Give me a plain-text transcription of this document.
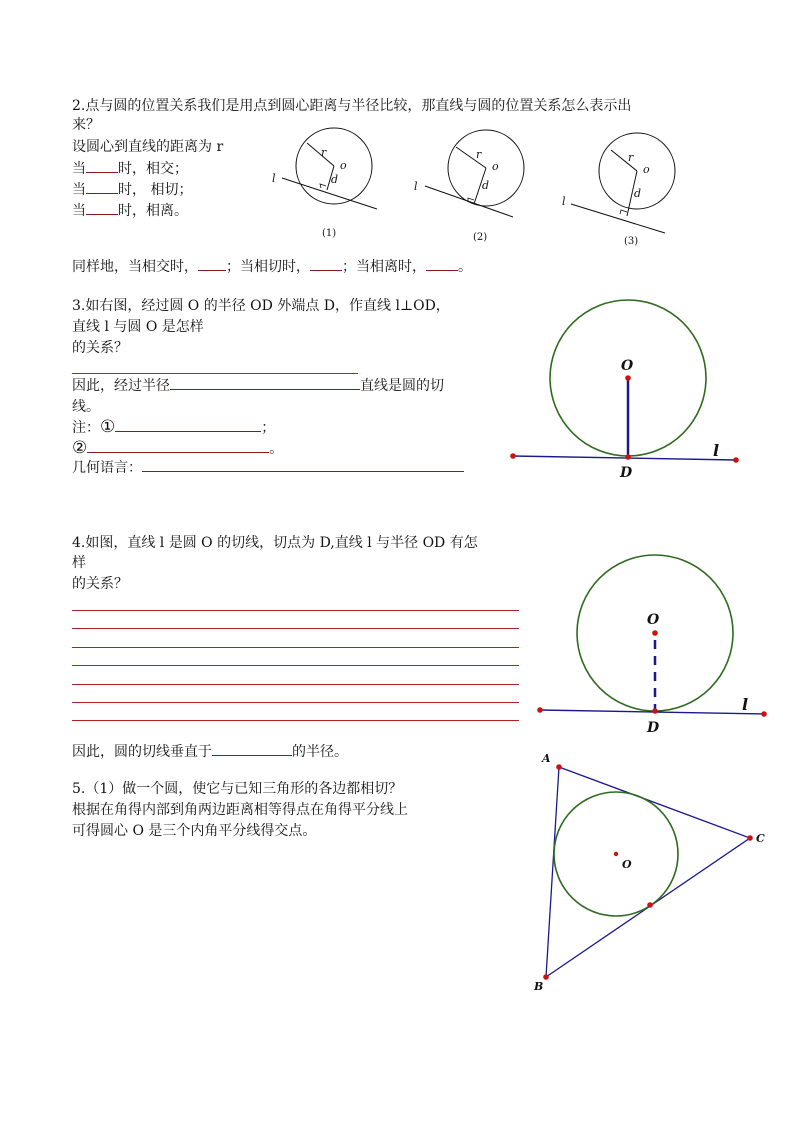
2.点与圆的位置关系我们是用点到圆心距离与半径比较，那直线与圆的位置关系怎么表示出
来？
设圆心到直线的距离为 r
当 时，相交；
当 时， 相切；
当 时，相离。
同样地，当相交时， ；当相切时， ；当相离时， 。
3.如右图，经过圆 O 的半径 OD 外端点 D，作直线 l⊥OD，
直线 l 与圆 O 是怎样
的关系？
因此，经过半径	直线是圆的切
线。
注：①	；
②	。
几何语言：
4.如图，直线 l 是圆 O 的切线，切点为 D,直线 l 与半径 OD 有怎
样
的关系？
因此，圆的切线垂直于	的半径。
5.（1）做一个圆，使它与已知三角形的各边都相切？
根据在角得内部到角两边距离相等得点在角得平分线上
可得圆心 O 是三个内角平分线得交点。
r
o
d
l
(1)
r
o
d
l
(2)
r
o
d
l
(3)
O
D
l
O
D
l
A
C
B
O
